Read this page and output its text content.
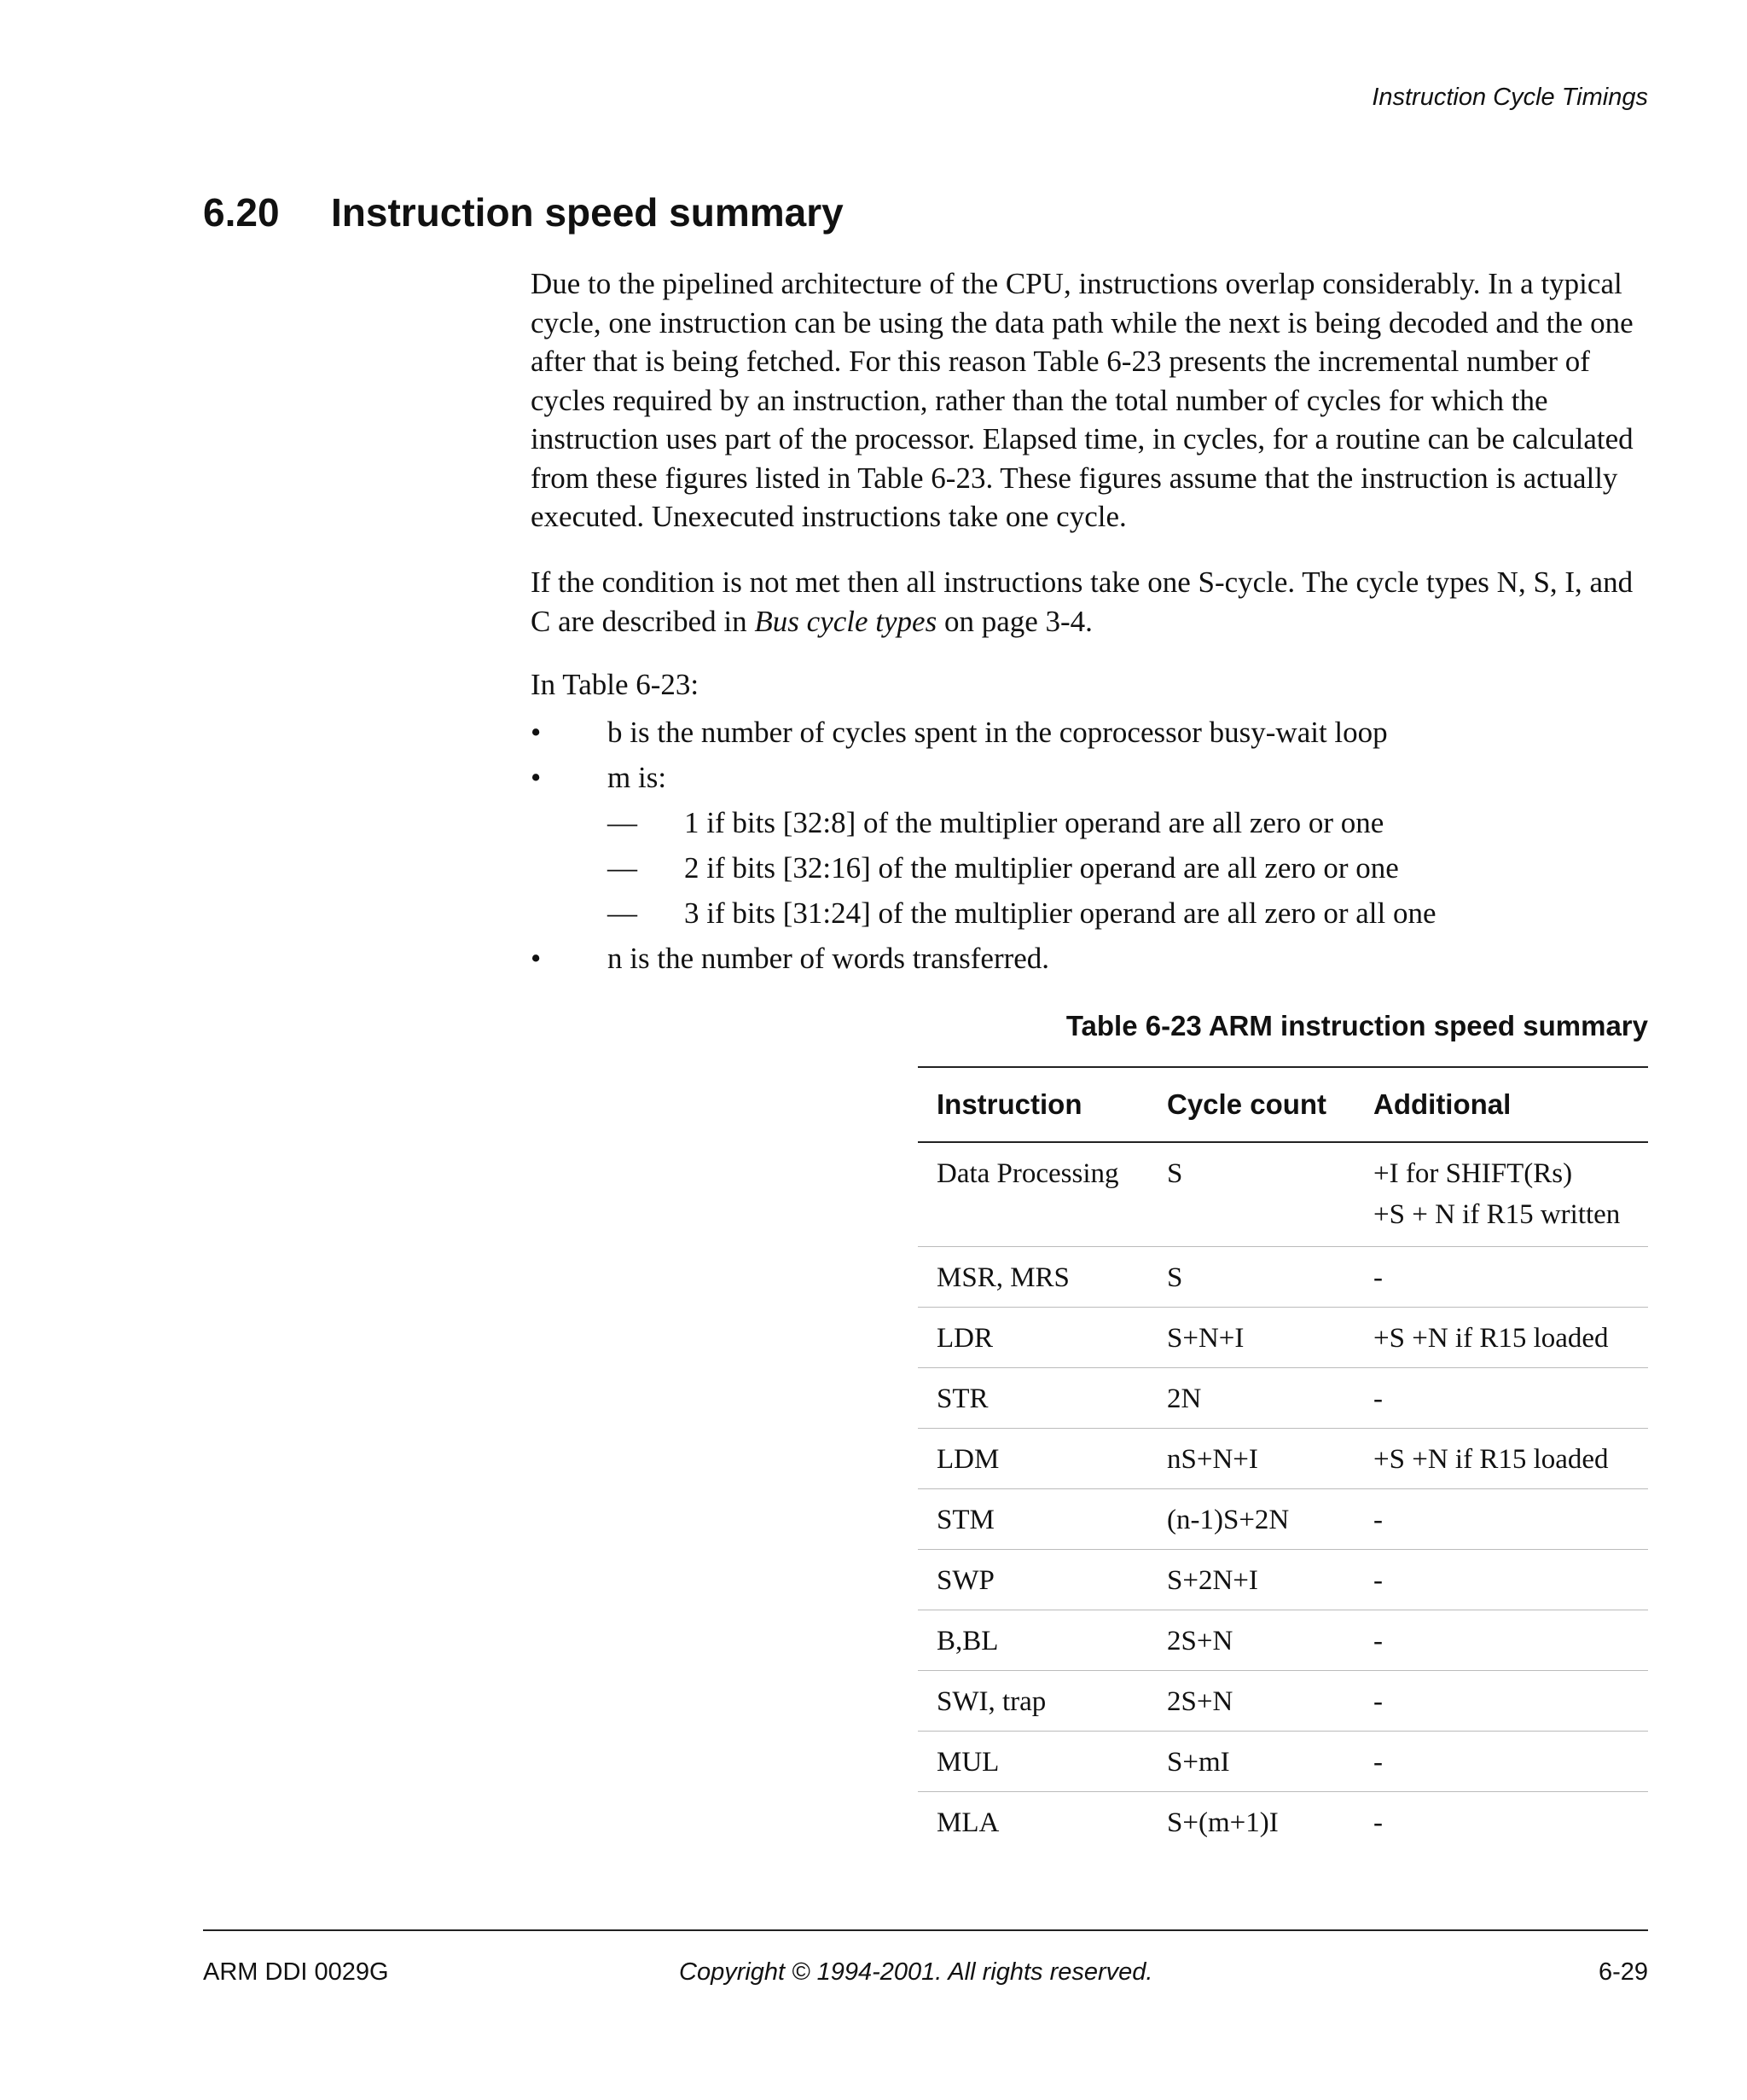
Instruction Cycle Timings
6.20 Instruction speed summary

Due to the pipelined architecture of the CPU, instructions overlap considerably. In a typical cycle, one instruction can be using the data path while the next is being decoded and the one after that is being fetched. For this reason Table 6-23 presents the incremental number of cycles required by an instruction, rather than the total number of cycles for which the instruction uses part of the processor. Elapsed time, in cycles, for a routine can be calculated from these figures listed in Table 6-23. These figures assume that the instruction is actually executed. Unexecuted instructions take one cycle.

If the condition is not met then all instructions take one S-cycle. The cycle types N, S, I, and C are described in Bus cycle types on page 3-4.

In Table 6-23:

• b is the number of cycles spent in the coprocessor busy-wait loop
• m is:
— 1 if bits [32:8] of the multiplier operand are all zero or one
— 2 if bits [32:16] of the multiplier operand are all zero or one
— 3 if bits [31:24] of the multiplier operand are all zero or all one
• n is the number of words transferred.
Table 6-23 ARM instruction speed summary
Instruction	Cycle count	Additional
Data Processing	S	+I for SHIFT(Rs)
+S + N if R15 written

MSR, MRS	S	-
LDR	S+N+I	+S +N if R15 loaded
STR	2N	-
LDM	nS+N+I	+S +N if R15 loaded
STM	(n-1)S+2N	-
SWP	S+2N+I	-
B,BL	2S+N	-
SWI, trap	2S+N	-
MUL	S+mI	-
MLA	S+(m+1)I	-
ARM DDI 0029G	Copyright © 1994-2001. All rights reserved.	6-29
